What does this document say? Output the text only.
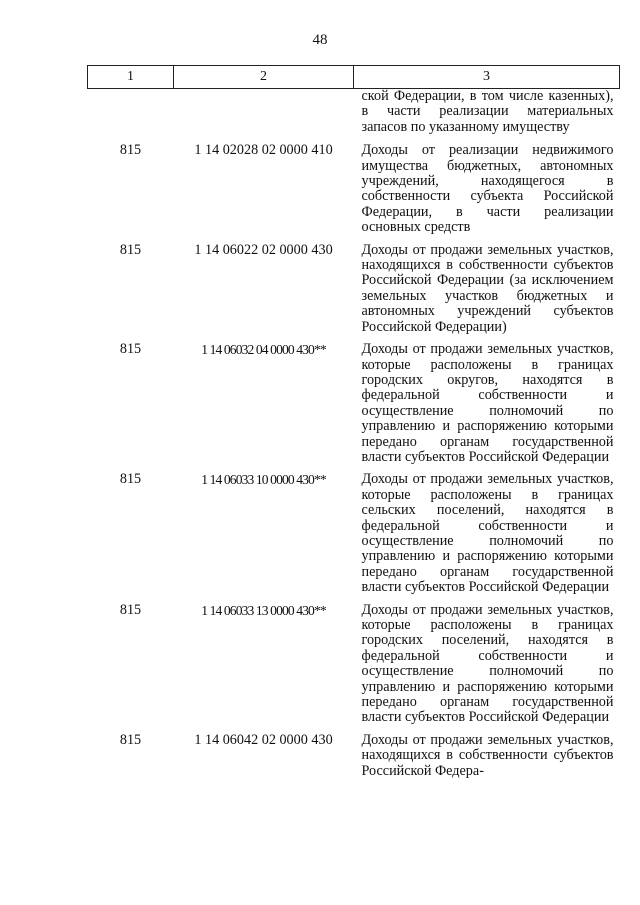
48
1	2	3
		ской Федерации, в том числе казенных), в части реализации материальных запасов по указанному имуществу
815	1 14 02028 02 0000 410	Доходы от реализации недвижимого имущества бюджетных, автономных учреждений, находящегося в собственности субъекта Российской Федерации, в части реализации основных средств
815	1 14 06022 02 0000 430	Доходы от продажи земельных участков, находящихся в собственности субъектов Российской Федерации (за исключением земельных участков бюджетных и автономных учреждений субъектов Российской Федерации)
815	1 14 06032 04 0000 430**	Доходы от продажи земельных участков, которые расположены в границах городских округов, находятся в федеральной собственности и осуществление полномочий по управлению и распоряжению которыми передано органам государственной власти субъектов Российской Федерации
815	1 14 06033 10 0000 430**	Доходы от продажи земельных участков, которые расположены в границах сельских поселений, находятся в федеральной собственности и осуществление полномочий по управлению и распоряжению которыми передано органам государственной власти субъектов Российской Федерации
815	1 14 06033 13 0000 430**	Доходы от продажи земельных участков, которые расположены в границах городских поселений, находятся в федеральной собственности и осуществление полномочий по управлению и распоряжению которыми передано органам государственной власти субъектов Российской Федерации
815	1 14 06042 02 0000 430	Доходы от продажи земельных участков, находящихся в собственности субъектов Российской Федера-
